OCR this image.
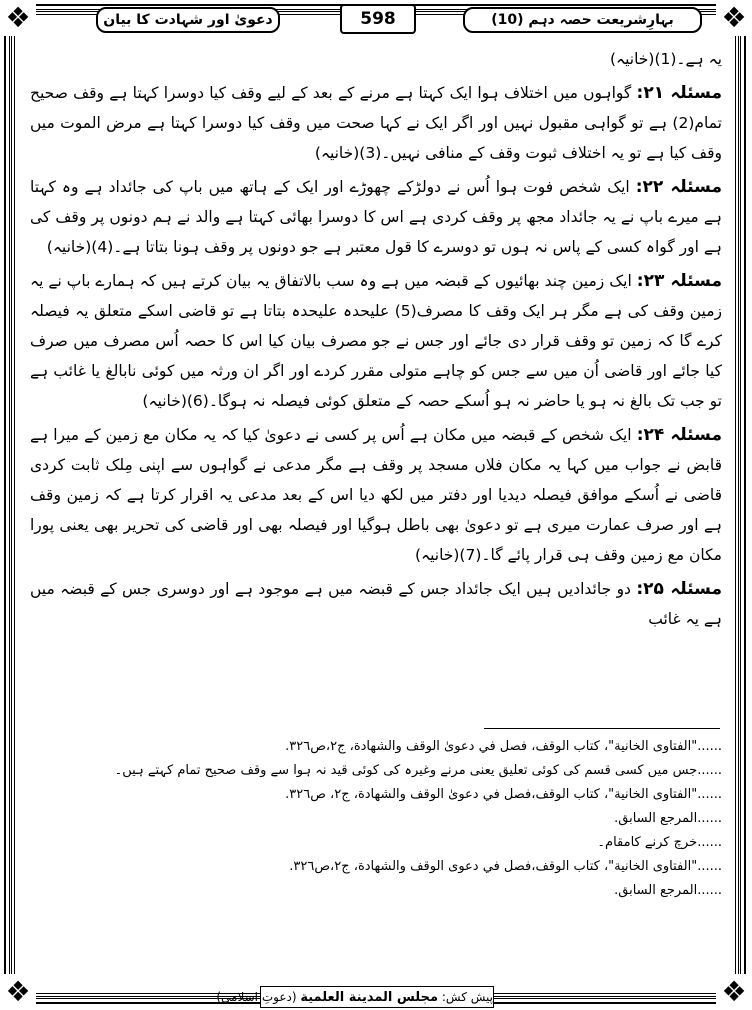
❖	❖
❖	❖
بہارِشریعت حصہ دہم (10)
598
دعویٰ اور شہادت کا بیان

یہ ہے۔(1)(خانیہ)

مسئلہ ۲۱: گواہوں میں اختلاف ہوا ایک کہتا ہے مرنے کے بعد کے لیے وقف کیا دوسرا کہتا ہے وقف صحیح تمام(2) ہے تو گواہی مقبول نہیں اور اگر ایک نے کہا صحت میں وقف کیا دوسرا کہتا ہے مرض الموت میں وقف کیا ہے تو یہ اختلاف ثبوت وقف کے منافی نہیں۔(3)(خانیہ)

مسئلہ ۲۲: ایک شخص فوت ہوا اُس نے دولڑکے چھوڑے اور ایک کے ہاتھ میں باپ کی جائداد ہے وہ کہتا ہے میرے باپ نے یہ جائداد مجھ پر وقف کردی ہے اس کا دوسرا بھائی کہتا ہے والد نے ہم دونوں پر وقف کی ہے اور گواہ کسی کے پاس نہ ہوں تو دوسرے کا قول معتبر ہے جو دونوں پر وقف ہونا بتاتا ہے۔(4)(خانیہ)

مسئلہ ۲۳: ایک زمین چند بھائیوں کے قبضہ میں ہے وہ سب بالاتفاق یہ بیان کرتے ہیں کہ ہمارے باپ نے یہ زمین وقف کی ہے مگر ہر ایک وقف کا مصرف(5) علیحدہ علیحدہ بتاتا ہے تو قاضی اسکے متعلق یہ فیصلہ کرے گا کہ زمین تو وقف قرار دی جائے اور جس نے جو مصرف بیان کیا اس کا حصہ اُس مصرف میں صرف کیا جائے اور قاضی اُن میں سے جس کو چاہے متولی مقرر کردے اور اگر ان ورثہ میں کوئی نابالغ یا غائب ہے تو جب تک بالغ نہ ہو یا حاضر نہ ہو اُسکے حصہ کے متعلق کوئی فیصلہ نہ ہوگا۔(6)(خانیہ)

مسئلہ ۲۴: ایک شخص کے قبضہ میں مکان ہے اُس پر کسی نے دعویٰ کیا کہ یہ مکان مع زمین کے میرا ہے قابض نے جواب میں کہا یہ مکان فلاں مسجد پر وقف ہے مگر مدعی نے گواہوں سے اپنی مِلک ثابت کردی قاضی نے اُسکے موافق فیصلہ دیدیا اور دفتر میں لکھ دیا اس کے بعد مدعی یہ اقرار کرتا ہے کہ زمین وقف ہے اور صرف عمارت میری ہے تو دعویٰ بھی باطل ہوگیا اور فیصلہ بھی اور قاضی کی تحریر بھی یعنی پورا مکان مع زمین وقف ہی قرار پائے گا۔(7)(خانیہ)

مسئلہ ۲۵: دو جائدادیں ہیں ایک جائداد جس کے قبضہ میں ہے موجود ہے اور دوسری جس کے قبضہ میں ہے یہ غائب

......"الفتاوى الخانية"، كتاب الوقف، فصل في دعوىٰ الوقف والشهادة، ج٢،ص٣٢٦.
......جس میں کسی قسم کی کوئی تعلیق یعنی مرنے وغیرہ کی کوئی قید نہ ہوا سے وقف صحیح تمام کہتے ہیں۔
......"الفتاوى الخانية"، كتاب الوقف،فصل في دعوىٰ الوقف والشهادة، ج٢، ص٣٢٦.
......المرجع السابق.
......خرچ کرنے کامقام۔
......"الفتاوى الخانية"، كتاب الوقف،فصل في دعوى الوقف والشهادة، ج٢،ص٣٢٦.
......المرجع السابق.
پیش کش: مجلس المدينة العلمية (دعوتِ اسلامی)
